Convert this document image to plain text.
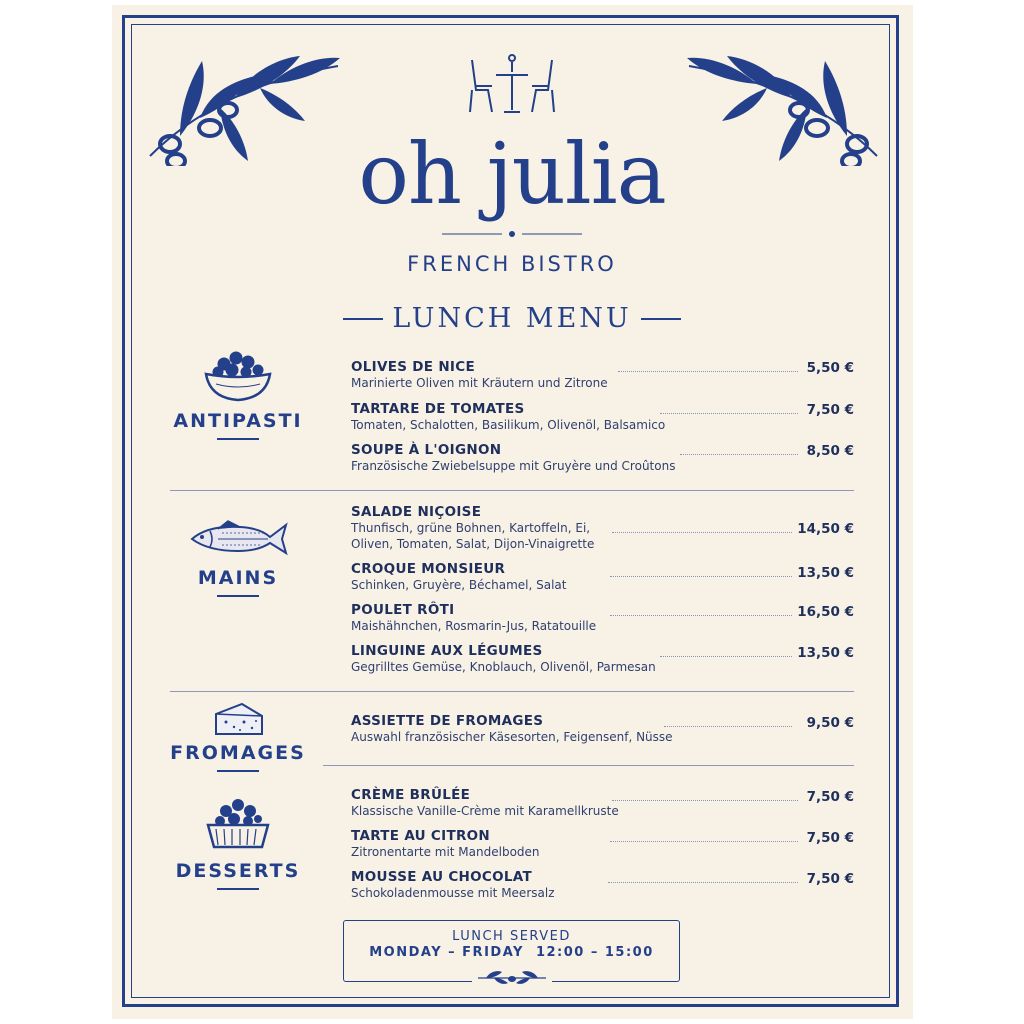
oh julia
FRENCH BISTRO
LUNCH MENU
ANTIPASTI
OLIVES DE NICE
Marinierte Oliven mit Kräutern und Zitrone
5,50 €
TARTARE DE TOMATES
Tomaten, Schalotten, Basilikum, Olivenöl, Balsamico
7,50 €
SOUPE À L'OIGNON
Französische Zwiebelsuppe mit Gruyère und Croûtons
8,50 €
MAINS
SALADE NIÇOISE
Thunfisch, grüne Bohnen, Kartoffeln, Ei,
Oliven, Tomaten, Salat, Dijon-Vinaigrette
14,50 €
CROQUE MONSIEUR
Schinken, Gruyère, Béchamel, Salat
13,50 €
POULET RÔTI
Maishähnchen, Rosmarin-Jus, Ratatouille
16,50 €
LINGUINE AUX LÉGUMES
Gegrilltes Gemüse, Knoblauch, Olivenöl, Parmesan
13,50 €
FROMAGES
ASSIETTE DE FROMAGES
Auswahl französischer Käsesorten, Feigensenf, Nüsse
9,50 €
DESSERTS
CRÈME BRÛLÉE
Klassische Vanille-Crème mit Karamellkruste
7,50 €
TARTE AU CITRON
Zitronentarte mit Mandelboden
7,50 €
MOUSSE AU CHOCOLAT
Schokoladenmousse mit Meersalz
7,50 €
LUNCH SERVED
MONDAY – FRIDAY 12:00 – 15:00
